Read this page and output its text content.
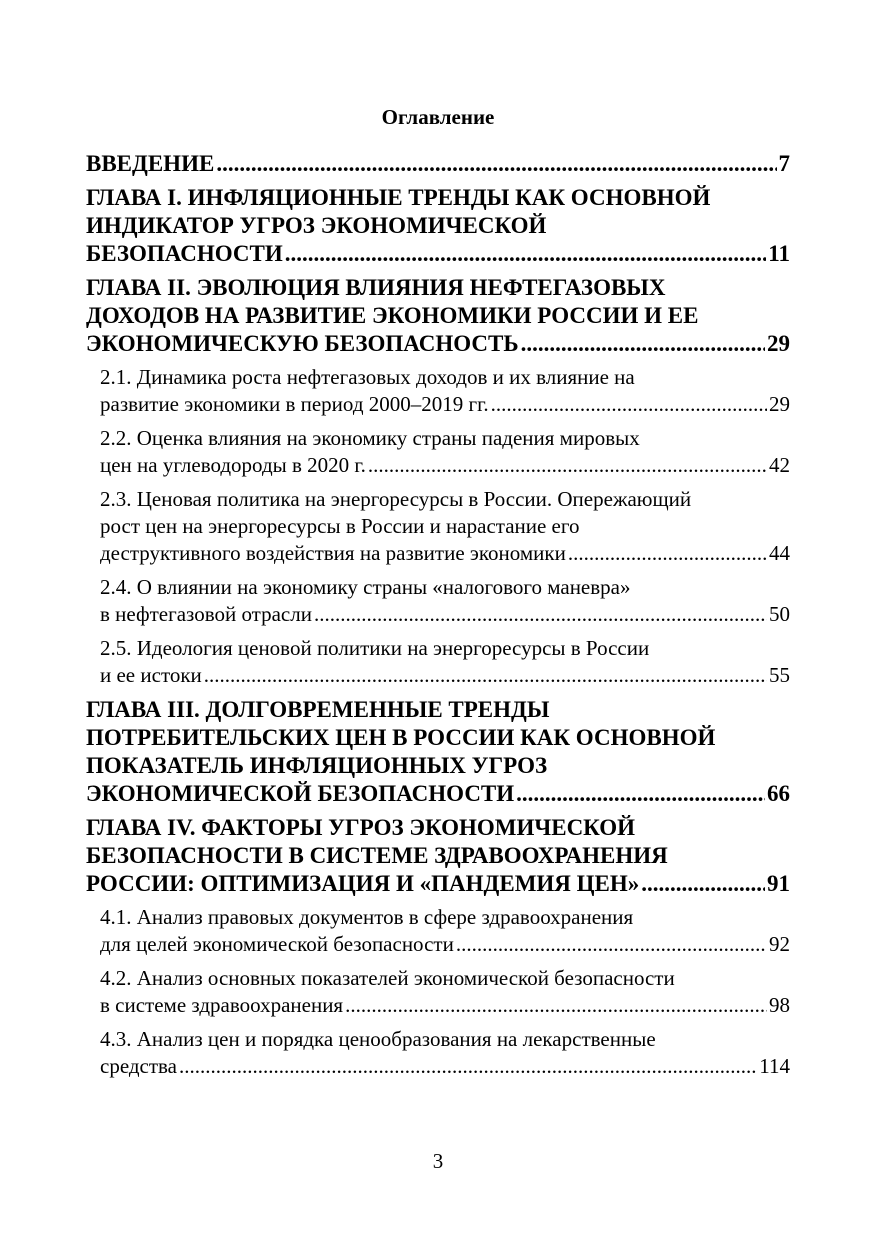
Оглавление
ВВЕДЕНИЕ .....	7
ГЛАВА I. ИНФЛЯЦИОННЫЕ ТРЕНДЫ КАК ОСНОВНОЙ
ИНДИКАТОР УГРОЗ ЭКОНОМИЧЕСКОЙ
БЕЗОПАСНОСТИ .....	11
ГЛАВА II. ЭВОЛЮЦИЯ ВЛИЯНИЯ НЕФТЕГАЗОВЫХ
ДОХОДОВ НА РАЗВИТИЕ ЭКОНОМИКИ РОССИИ И ЕЕ
ЭКОНОМИЧЕСКУЮ БЕЗОПАСНОСТЬ .....	29
2.1. Динамика роста нефтегазовых доходов и их влияние на
развитие экономики в период 2000–2019 гг. .....	29
2.2. Оценка влияния на экономику страны падения мировых
цен на углеводороды в 2020 г. .....	42
2.3. Ценовая политика на энергоресурсы в России. Опережающий
рост цен на энергоресурсы в России и нарастание его
деструктивного воздействия на развитие экономики .....	44
2.4. О влиянии на экономику страны «налогового маневра»
в нефтегазовой отрасли .....	50
2.5. Идеология ценовой политики на энергоресурсы в России
и ее истоки .....	55
ГЛАВА III. ДОЛГОВРЕМЕННЫЕ ТРЕНДЫ
ПОТРЕБИТЕЛЬСКИХ ЦЕН В РОССИИ КАК ОСНОВНОЙ
ПОКАЗАТЕЛЬ ИНФЛЯЦИОННЫХ УГРОЗ
ЭКОНОМИЧЕСКОЙ БЕЗОПАСНОСТИ .....	66
ГЛАВА IV. ФАКТОРЫ УГРОЗ ЭКОНОМИЧЕСКОЙ
БЕЗОПАСНОСТИ В СИСТЕМЕ ЗДРАВООХРАНЕНИЯ
РОССИИ: ОПТИМИЗАЦИЯ И «ПАНДЕМИЯ ЦЕН» .....	91
4.1. Анализ правовых документов в сфере здравоохранения
для целей экономической безопасности .....	92
4.2. Анализ основных показателей экономической безопасности
в системе здравоохранения .....	98
4.3. Анализ цен и порядка ценообразования на лекарственные
средства .....	114
3
